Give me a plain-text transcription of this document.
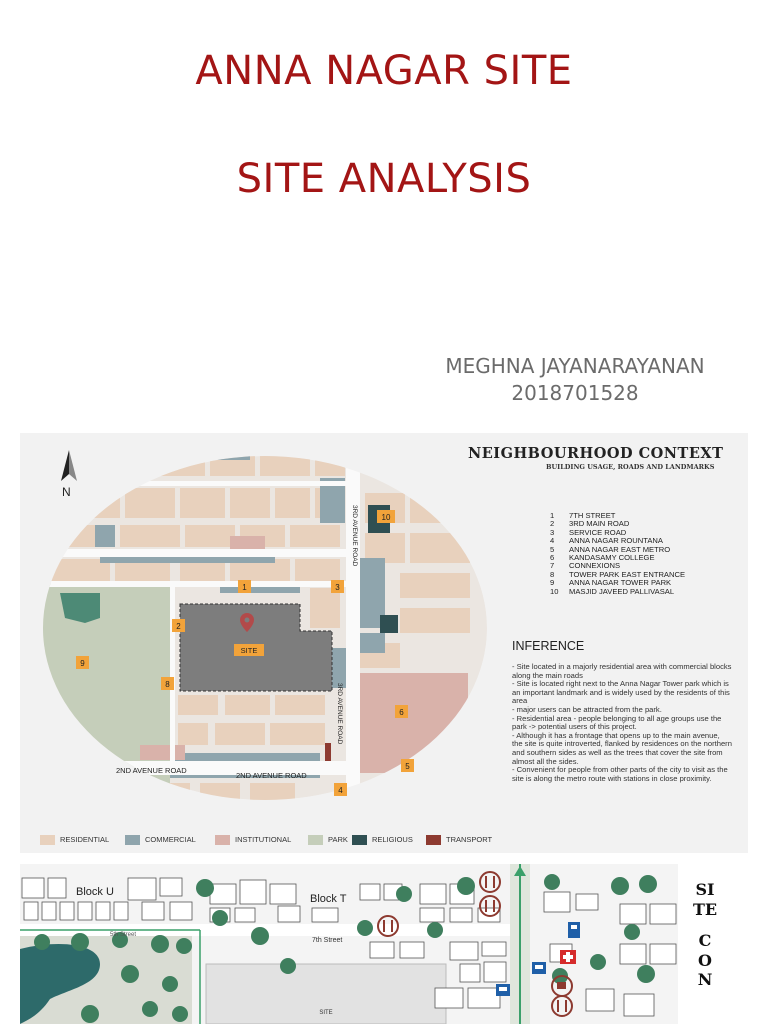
ANNA NAGAR SITE
SITE ANALYSIS
MEGHNA JAYANARAYANAN
2018701528
N
SITE
3RD AVENUE ROAD
3RD AVENUE ROAD
2ND AVENUE ROAD
2ND AVENUE ROAD
1
2
3
4
5
6
8
9
10
NEIGHBOURHOOD CONTEXT
BUILDING USAGE, ROADS AND LANDMARKS
1 7TH STREET
2 3RD MAIN ROAD
3 SERVICE ROAD
4 ANNA NAGAR ROUNTANA
5 ANNA NAGAR EAST METRO
6 KANDASAMY COLLEGE
7 CONNEXIONS
8 TOWER PARK EAST ENTRANCE
9 ANNA NAGAR TOWER PARK
10 MASJID JAVEED PALLIVASAL
INFERENCE
- Site located in a majorly residential area with commercial blocks along the main roads
- Site is located right next to the Anna Nagar Tower park which is an important landmark and is widely used by the residents of this area
- major users can be attracted from the park.
- Residential area - people belonging to all age groups use the park -> potential users of this project.
- Although it has a frontage that opens up to the main avenue, the site is quite introverted, flanked by residences on the northern and southern sides as well as the trees that cover the site from almost all the sides.
- Convenient for people from other parts of the city to visit as the site is along the metro route with stations in close proximity.
RESIDENTIAL	COMMERCIAL	INSTITUTIONAL	PARK	RELIGIOUS	TRANSPORT
SITE
Block U
Block T
5th Street
7th Street
SITE
CON
